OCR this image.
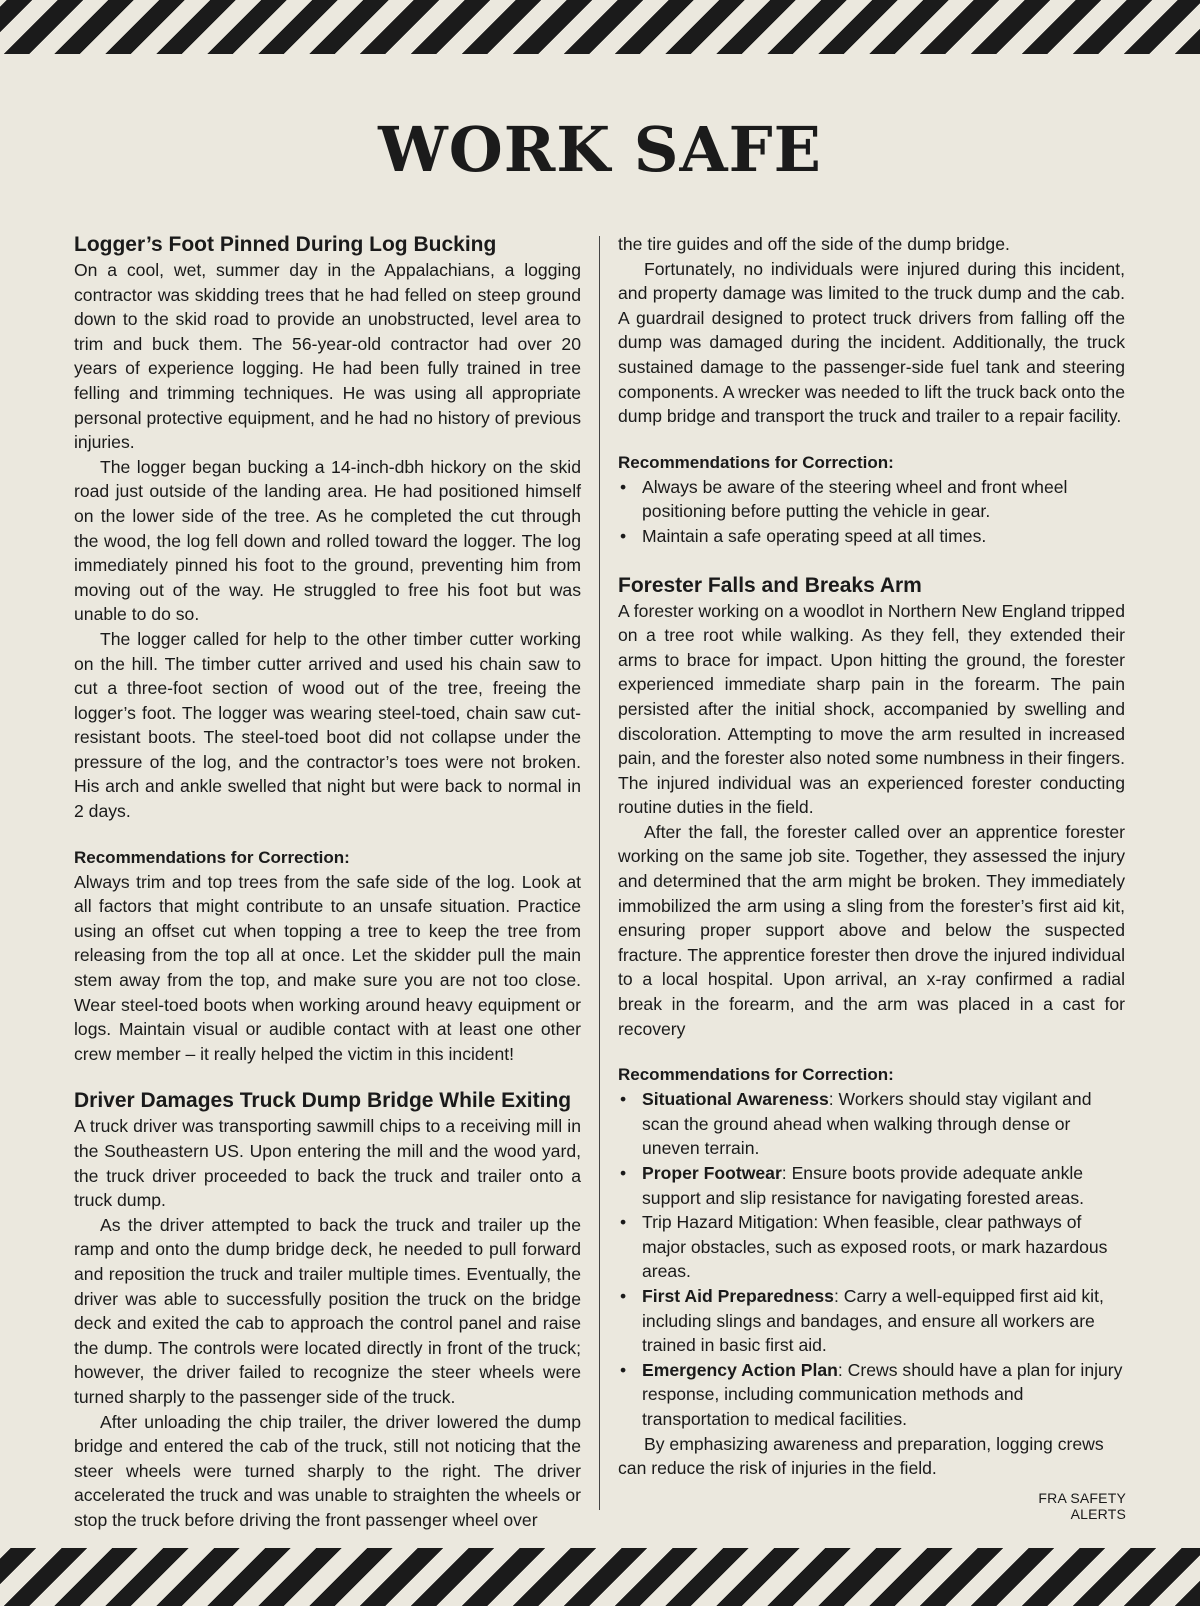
WORK SAFE
Logger’s Foot Pinned During Log Bucking

On a cool, wet, summer day in the Appalachians, a logging contractor was skidding trees that he had felled on steep ground down to the skid road to provide an unobstructed, level area to trim and buck them. The 56-year-old contractor had over 20 years of experience logging. He had been fully trained in tree felling and trimming techniques. He was using all appropriate personal protective equipment, and he had no history of previous injuries.

The logger began bucking a 14-inch-dbh hickory on the skid road just outside of the landing area. He had positioned himself on the lower side of the tree. As he completed the cut through the wood, the log fell down and rolled toward the logger. The log immediately pinned his foot to the ground, preventing him from moving out of the way. He struggled to free his foot but was unable to do so.

The logger called for help to the other timber cutter working on the hill. The timber cutter arrived and used his chain saw to cut a three-foot section of wood out of the tree, freeing the logger’s foot. The logger was wearing steel-toed, chain saw cut-resistant boots. The steel-toed boot did not collapse under the pressure of the log, and the contractor’s toes were not broken. His arch and ankle swelled that night but were back to normal in 2 days.

Recommendations for Correction:

Always trim and top trees from the safe side of the log. Look at all factors that might contribute to an unsafe situation. Practice using an offset cut when topping a tree to keep the tree from releasing from the top all at once. Let the skidder pull the main stem away from the top, and make sure you are not too close. Wear steel-toed boots when working around heavy equipment or logs. Maintain visual or audible contact with at least one other crew member – it really helped the victim in this incident!

Driver Damages Truck Dump Bridge While Exiting

A truck driver was transporting sawmill chips to a receiving mill in the Southeastern US. Upon entering the mill and the wood yard, the truck driver proceeded to back the truck and trailer onto a truck dump.

As the driver attempted to back the truck and trailer up the ramp and onto the dump bridge deck, he needed to pull forward and reposition the truck and trailer multiple times. Eventually, the driver was able to successfully position the truck on the bridge deck and exited the cab to approach the control panel and raise the dump. The controls were located directly in front of the truck; however, the driver failed to recognize the steer wheels were turned sharply to the passenger side of the truck.

After unloading the chip trailer, the driver lowered the dump bridge and entered the cab of the truck, still not noticing that the steer wheels were turned sharply to the right. The driver accelerated the truck and was unable to straighten the wheels or stop the truck before driving the front passenger wheel over

the tire guides and off the side of the dump bridge.

Fortunately, no individuals were injured during this incident, and property damage was limited to the truck dump and the cab. A guardrail designed to protect truck drivers from falling off the dump was damaged during the incident. Additionally, the truck sustained damage to the passenger-side fuel tank and steering components. A wrecker was needed to lift the truck back onto the dump bridge and transport the truck and trailer to a repair facility.

Recommendations for Correction:
• Always be aware of the steering wheel and front wheel positioning before putting the vehicle in gear.
• Maintain a safe operating speed at all times.
Forester Falls and Breaks Arm

A forester working on a woodlot in Northern New England tripped on a tree root while walking. As they fell, they extended their arms to brace for impact. Upon hitting the ground, the forester experienced immediate sharp pain in the forearm. The pain persisted after the initial shock, accompanied by swelling and discoloration. Attempting to move the arm resulted in increased pain, and the forester also noted some numbness in their fingers. The injured individual was an experienced forester conducting routine duties in the field.

After the fall, the forester called over an apprentice forester working on the same job site. Together, they assessed the injury and determined that the arm might be broken. They immediately immobilized the arm using a sling from the forester’s first aid kit, ensuring proper support above and below the suspected fracture. The apprentice forester then drove the injured individual to a local hospital. Upon arrival, an x-ray confirmed a radial break in the forearm, and the arm was placed in a cast for recovery

Recommendations for Correction:
• Situational Awareness: Workers should stay vigilant and scan the ground ahead when walking through dense or uneven terrain.
• Proper Footwear: Ensure boots provide adequate ankle support and slip resistance for navigating forested areas.
• Trip Hazard Mitigation: When feasible, clear pathways of major obstacles, such as exposed roots, or mark hazardous areas.
• First Aid Preparedness: Carry a well-equipped first aid kit, including slings and bandages, and ensure all workers are trained in basic first aid.
• Emergency Action Plan: Crews should have a plan for injury response, including communication methods and transportation to medical facilities.

By emphasizing awareness and preparation, logging crews can reduce the risk of injuries in the field.

FRA SAFETY ALERTS
